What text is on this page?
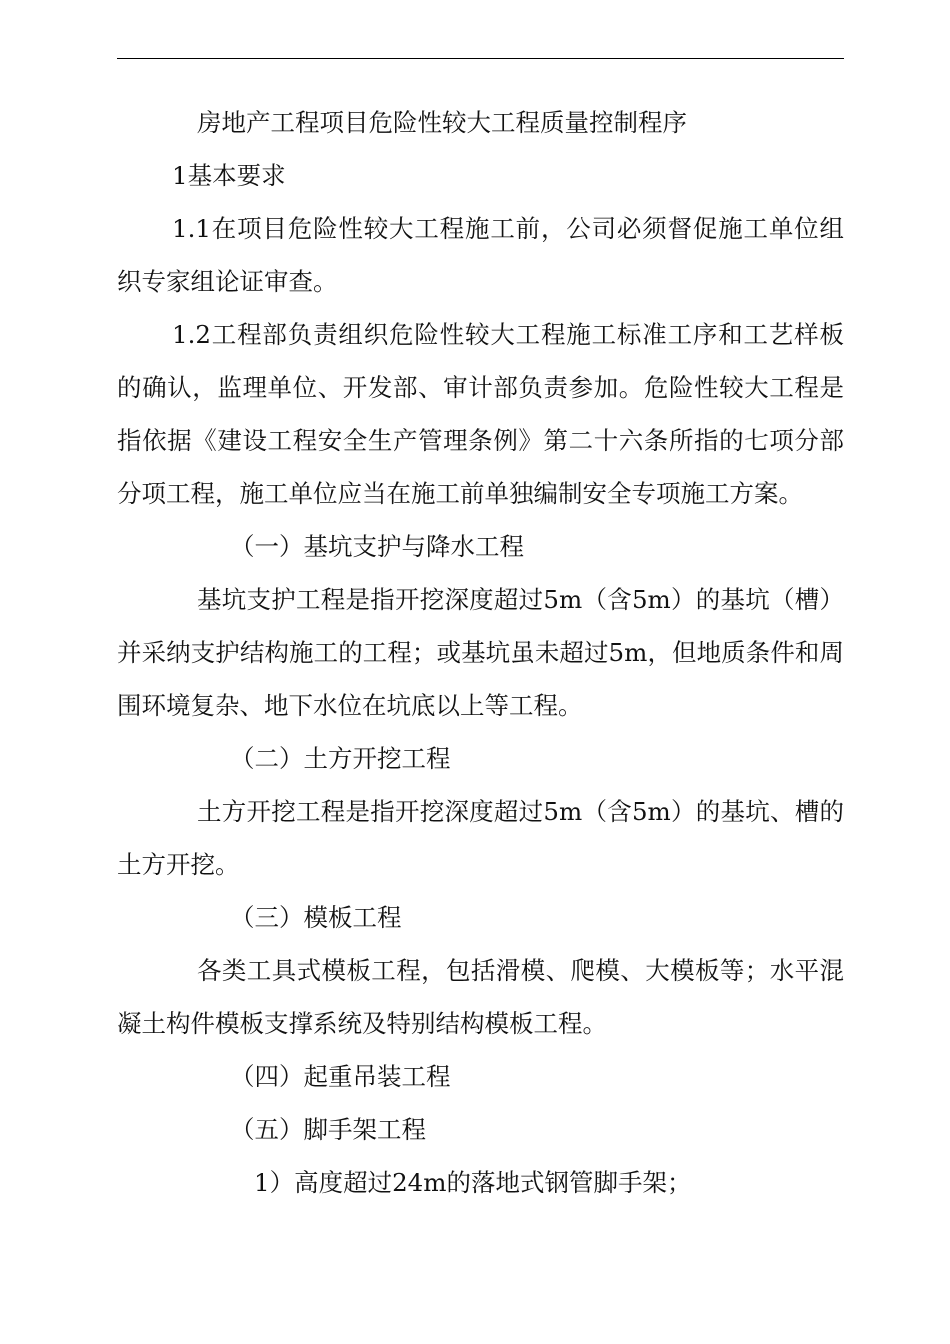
房地产工程项目危险性较大工程质量控制程序

1基本要求

1.1在项目危险性较大工程施工前，公司必须督促施工单位组织专家组论证审查。

1.2工程部负责组织危险性较大工程施工标准工序和工艺样板的确认，监理单位、开发部、审计部负责参加。危险性较大工程是指依据《建设工程安全生产管理条例》第二十六条所指的七项分部分项工程，施工单位应当在施工前单独编制安全专项施工方案。

（一）基坑支护与降水工程

基坑支护工程是指开挖深度超过5m（含5m）的基坑（槽）并采纳支护结构施工的工程；或基坑虽未超过5m，但地质条件和周围环境复杂、地下水位在坑底以上等工程。

（二）土方开挖工程

土方开挖工程是指开挖深度超过5m（含5m）的基坑、槽的土方开挖。

（三）模板工程

各类工具式模板工程，包括滑模、爬模、大模板等；水平混凝土构件模板支撑系统及特别结构模板工程。

（四）起重吊装工程

（五）脚手架工程

1）高度超过24m的落地式钢管脚手架；
